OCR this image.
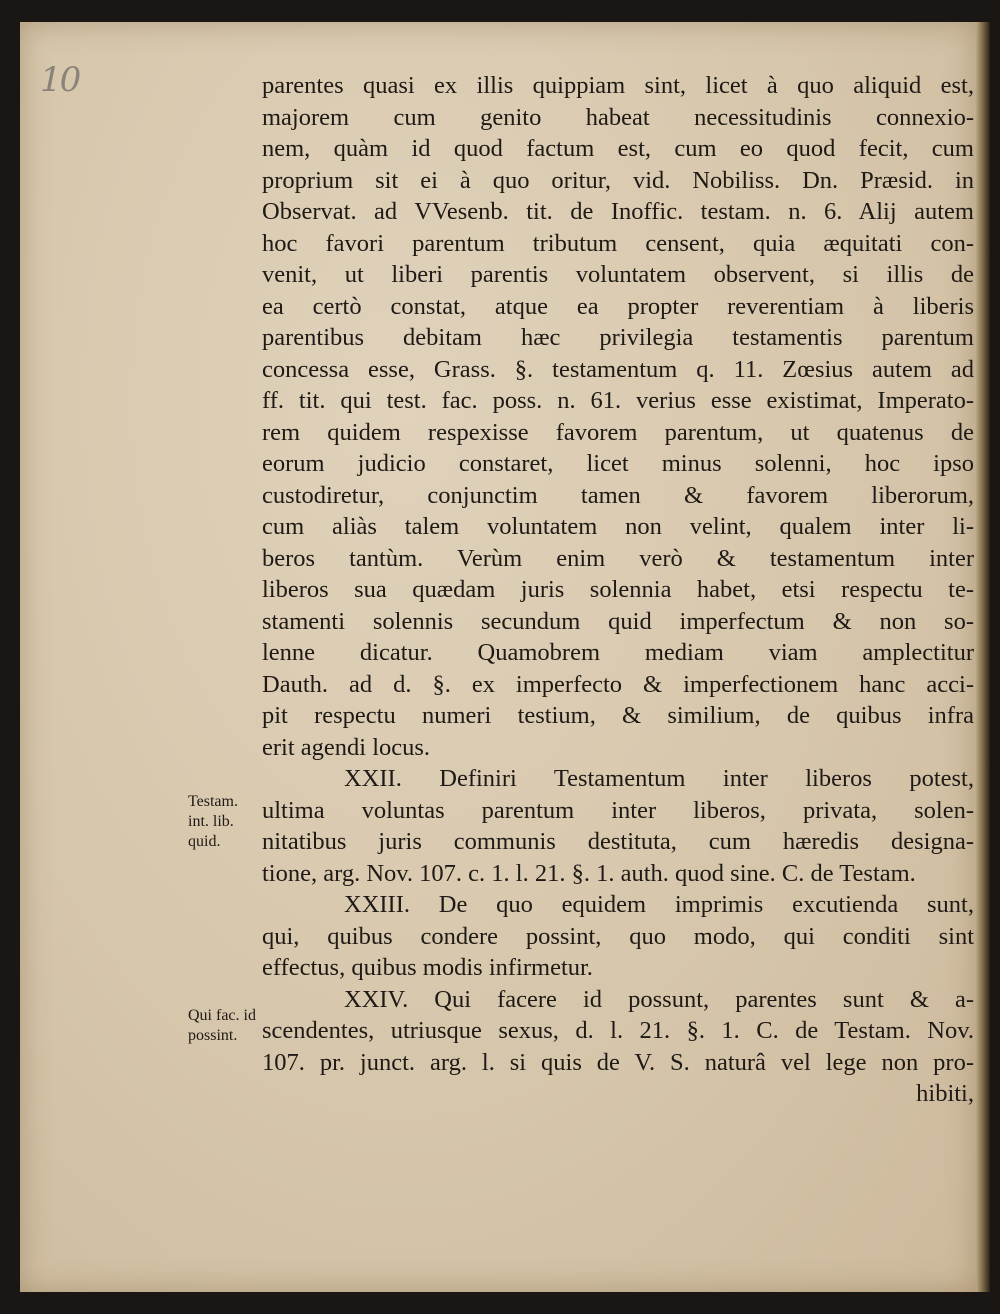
10	parentes quasi ex illis quippiam sint, licet à quo aliquid est,
majorem cum genito habeat necessitudinis connexio-
nem, quàm id quod factum est, cum eo quod fecit, cum
proprium sit ei à quo oritur, vid. Nobiliss. Dn. Præsid. in
Observat. ad VVesenb. tit. de Inoffic. testam. n. 6. Alij autem
hoc favori parentum tributum censent, quia æquitati con-
venit, ut liberi parentis voluntatem observent, si illis de
ea certò constat, atque ea propter reverentiam à liberis
parentibus debitam hæc privilegia testamentis parentum
concessa esse, Grass. §. testamentum q. 11. Zœsius autem ad
ff. tit. qui test. fac. poss. n. 61. verius esse existimat, Imperato-
rem quidem respexisse favorem parentum, ut quatenus de
eorum judicio constaret, licet minus solenni, hoc ipso
custodiretur, conjunctim tamen & favorem liberorum,
cum aliàs talem voluntatem non velint, qualem inter li-
beros tantùm. Verùm enim verò & testamentum inter
liberos sua quædam juris solennia habet, etsi respectu te-
stamenti solennis secundum quid imperfectum & non so-
lenne dicatur. Quamobrem mediam viam amplectitur
Dauth. ad d. §. ex imperfecto & imperfectionem hanc acci-
pit respectu numeri testium, & similium, de quibus infra
erit agendi locus.
XXII. Definiri Testamentum inter liberos potest,
ultima voluntas parentum inter liberos, privata, solen-
nitatibus juris communis destituta, cum hæredis designa-
tione, arg. Nov. 107. c. 1. l. 21. §. 1. auth. quod sine. C. de Testam.
XXIII. De quo equidem imprimis excutienda sunt,
qui, quibus condere possint, quo modo, qui conditi sint
effectus, quibus modis infirmetur.
XXIV. Qui facere id possunt, parentes sunt & a-
scendentes, utriusque sexus, d. l. 21. §. 1. C. de Testam. Nov.
107. pr. junct. arg. l. si quis de V. S. naturâ vel lege non pro-
hibiti,
Testam.
int. lib.
quid.
Qui fac. id
possint.
